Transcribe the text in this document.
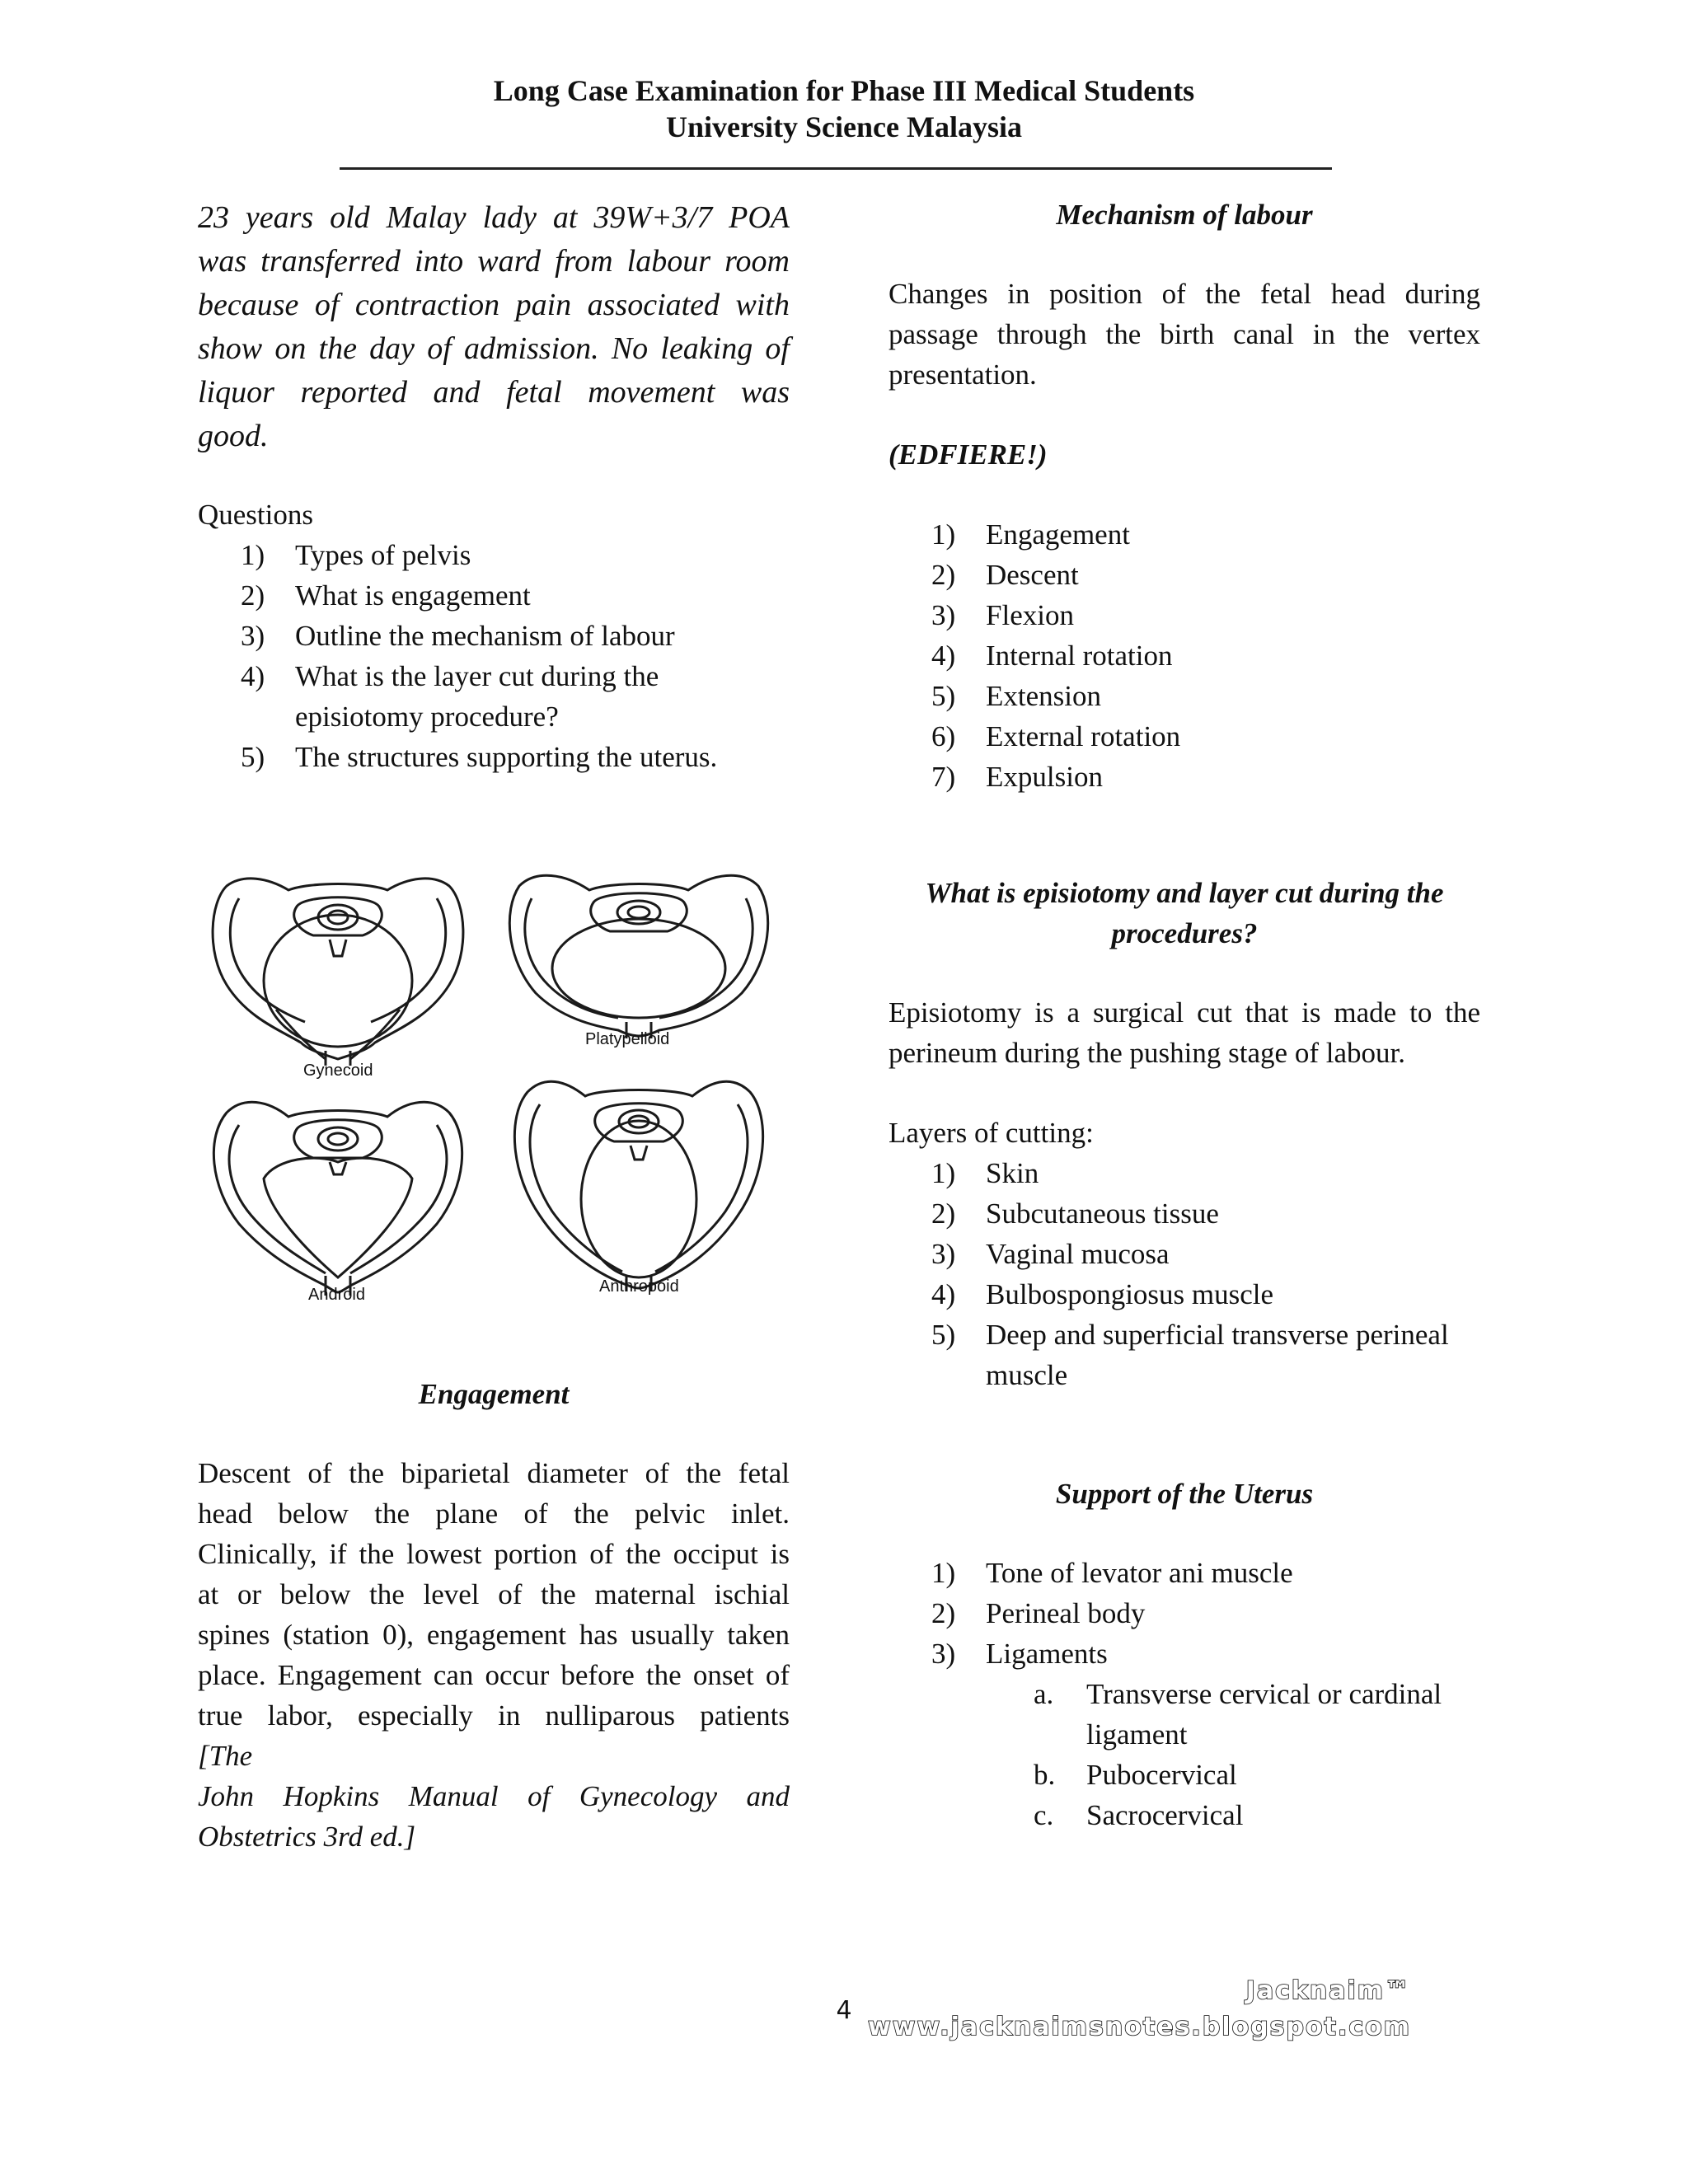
Long Case Examination for Phase III Medical Students
University Science Malaysia
23 years old Malay lady at 39W+3/7 POA
was transferred into ward from labour room
because of contraction pain associated with
show on the day of admission. No leaking of
liquor reported and fetal movement was
good.
Questions
1) Types of pelvis
2) What is engagement
3) Outline the mechanism of labour
4) What is the layer cut during the
episiotomy procedure?
5) The structures supporting the uterus.
Gynecoid
Platypelloid
Android	Anthropoid
Engagement
Descent of the biparietal diameter of the fetal
head below the plane of the pelvic inlet.
Clinically, if the lowest portion of the occiput is
at or below the level of the maternal ischial
spines (station 0), engagement has usually taken
place. Engagement can occur before the onset of
true labor, especially in nulliparous patients
[The
John Hopkins Manual of Gynecology and
Obstetrics 3rd ed.]
Mechanism of labour
Changes in position of the fetal head during
passage through the birth canal in the vertex
presentation.
(EDFIERE!)
1) Engagement
2) Descent
3) Flexion
4) Internal rotation
5) Extension
6) External rotation
7) Expulsion
What is episiotomy and layer cut during the
procedures?
Episiotomy is a surgical cut that is made to the
perineum during the pushing stage of labour.
Layers of cutting:
1) Skin
2) Subcutaneous tissue
3) Vaginal mucosa
4) Bulbospongiosus muscle
5) Deep and superficial transverse perineal
muscle
Support of the Uterus
1) Tone of levator ani muscle
2) Perineal body
3) Ligaments
a. Transverse cervical or cardinal
ligament
b. Pubocervical
c. Sacrocervical
4
Jacknaim™
www.jacknaimsnotes.blogspot.com
